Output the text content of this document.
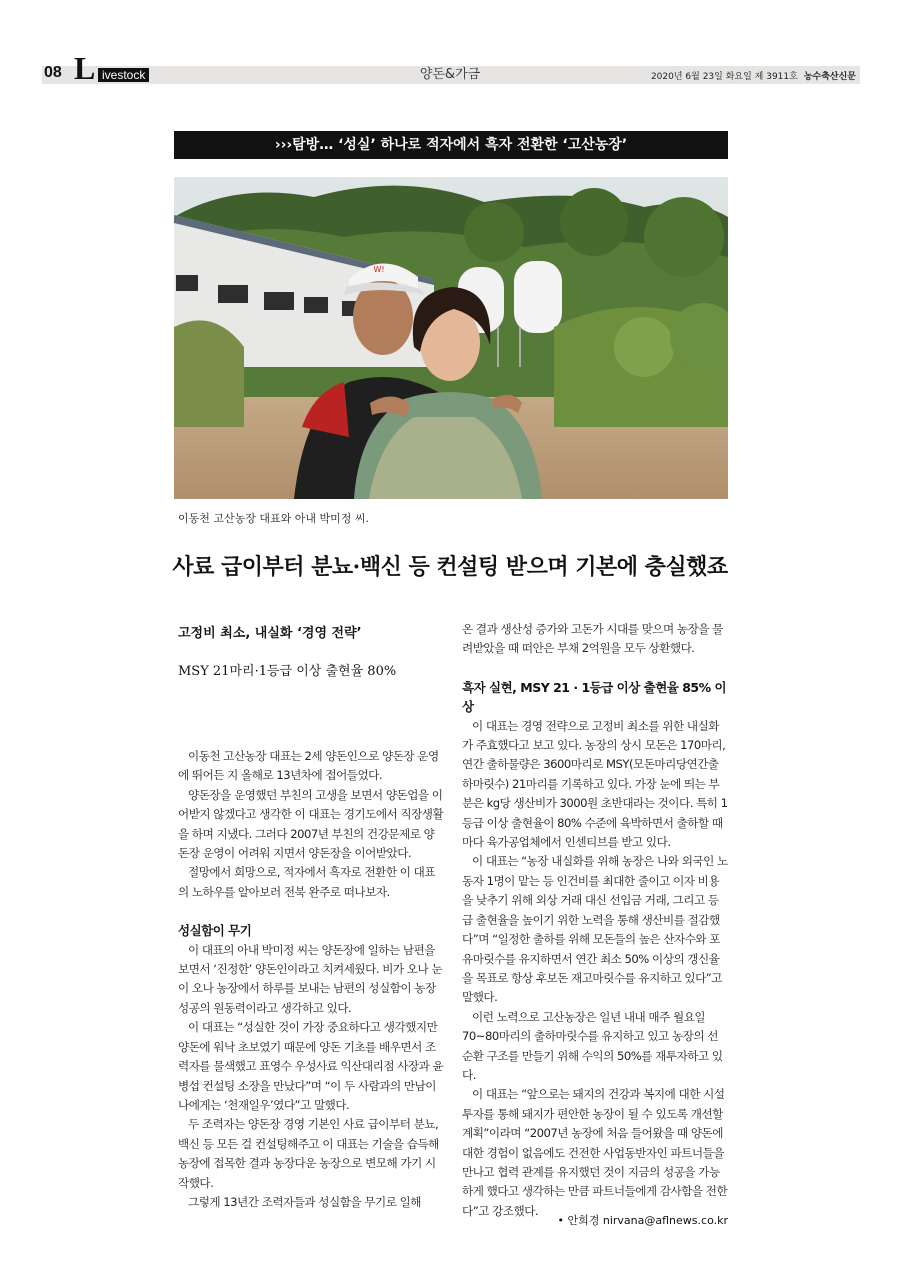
08 L ivestock	양돈&가금	2020년 6월 23일 화요일 제 3911호 농수축산신문
›››탐방… ‘성실’ 하나로 적자에서 흑자 전환한 ‘고산농장’
W!
이동천 고산농장 대표와 아내 박미정 씨.
사료 급이부터 분뇨·백신 등 컨설팅 받으며 기본에 충실했죠
고정비 최소, 내실화 ‘경영 전략’
MSY 21마리·1등급 이상 출현율 80%

이동천 고산농장 대표는 2세 양돈인으로 양돈장 운영에 뛰어든 지 올해로 13년차에 접어들었다.

양돈장을 운영했던 부친의 고생을 보면서 양돈업을 이어받지 않겠다고 생각한 이 대표는 경기도에서 직장생활을 하며 지냈다. 그러다 2007년 부친의 건강문제로 양돈장 운영이 어려워 지면서 양돈장을 이어받았다.

절망에서 희망으로, 적자에서 흑자로 전환한 이 대표의 노하우를 알아보러 전북 완주로 떠나보자.

성실함이 무기

이 대표의 아내 박미정 씨는 양돈장에 일하는 남편을 보면서 ‘진정한’ 양돈인이라고 치켜세웠다. 비가 오나 눈이 오나 농장에서 하루를 보내는 남편의 성실함이 농장 성공의 원동력이라고 생각하고 있다.

이 대표는 “성실한 것이 가장 중요하다고 생각했지만 양돈에 워낙 초보였기 때문에 양돈 기초를 배우면서 조력자를 물색했고 표영수 우성사료 익산대리점 사장과 윤병섭 컨설팅 소장을 만났다”며 “이 두 사람과의 만남이 나에게는 ‘천재일우’였다”고 말했다.

두 조력자는 양돈장 경영 기본인 사료 급이부터 분뇨, 백신 등 모든 걸 컨설팅해주고 이 대표는 기술을 습득해 농장에 접목한 결과 농장다운 농장으로 변모해 가기 시작했다.

그렇게 13년간 조력자들과 성실함을 무기로 일해

온 결과 생산성 증가와 고돈가 시대를 맞으며 농장을 물려받았을 때 떠안은 부채 2억원을 모두 상환했다.

흑자 실현, MSY 21 · 1등급 이상 출현율 85% 이상

이 대표는 경영 전략으로 고정비 최소를 위한 내실화가 주효했다고 보고 있다. 농장의 상시 모돈은 170마리, 연간 출하물량은 3600마리로 MSY(모돈마리당연간출하마릿수) 21마리를 기록하고 있다. 가장 눈에 띄는 부분은 kg당 생산비가 3000원 초반대라는 것이다. 특히 1등급 이상 출현율이 80% 수준에 육박하면서 출하할 때마다 육가공업체에서 인센티브를 받고 있다.

이 대표는 “농장 내실화를 위해 농장은 나와 외국인 노동자 1명이 맡는 등 인건비를 최대한 줄이고 이자 비용을 낮추기 위해 외상 거래 대신 선입금 거래, 그리고 등급 출현율을 높이기 위한 노력을 통해 생산비를 절감했다”며 “일정한 출하를 위해 모돈들의 높은 산자수와 포유마릿수를 유지하면서 연간 최소 50% 이상의 갱신율을 목표로 항상 후보돈 재고마릿수를 유지하고 있다”고 말했다.

이런 노력으로 고산농장은 일년 내내 매주 월요일 70~80마리의 출하마릿수를 유지하고 있고 농장의 선순환 구조를 만들기 위해 수익의 50%를 재투자하고 있다.

이 대표는 “앞으로는 돼지의 건강과 복지에 대한 시설 투자를 통해 돼지가 편안한 농장이 될 수 있도록 개선할 계획”이라며 “2007년 농장에 처음 들어왔을 때 양돈에 대한 경험이 없음에도 건전한 사업동반자인 파트너들을 만나고 협력 관계를 유지했던 것이 지금의 성공을 가능하게 했다고 생각하는 만큼 파트너들에게 감사함을 전한다”고 강조했다.

• 안희경 nirvana@aflnews.co.kr
